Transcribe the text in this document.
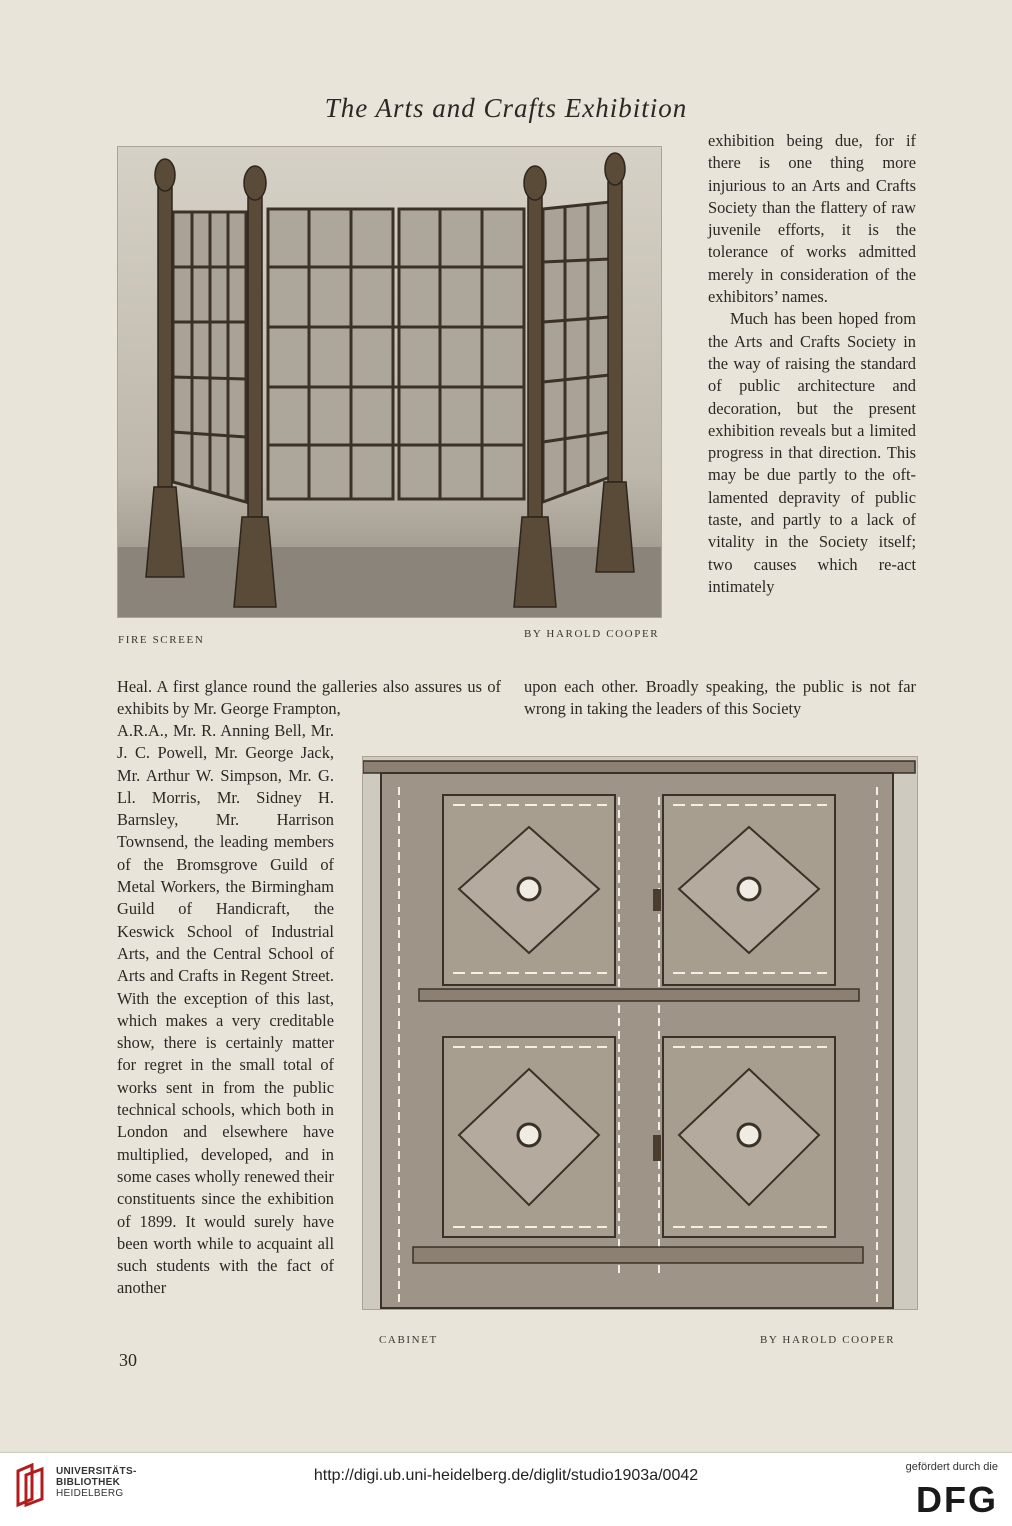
The Arts and Crafts Exhibition
FIRE SCREEN	BY HAROLD COOPER

exhibition being due, for if there is one thing more injurious to an Arts and Crafts Society than the flattery of raw juvenile efforts, it is the tolerance of works admitted merely in consideration of the exhibitors’ names.

Much has been hoped from the Arts and Crafts Society in the way of raising the standard of public architecture and decoration, but the present exhibition reveals but a limited progress in that direction. This may be due partly to the oft-lamented depravity of public taste, and partly to a lack of vitality in the Society itself; two causes which re-act intimately

Heal. A first glance round the galleries also assures us of exhibits by Mr. George Frampton,
upon each other. Broadly speaking, the public is not far wrong in taking the leaders of this Society
A.R.A., Mr. R. Anning Bell, Mr. J. C. Powell, Mr. George Jack, Mr. Arthur W. Simpson, Mr. G. Ll. Morris, Mr. Sidney H. Barnsley, Mr. Harrison Townsend, the leading members of the Bromsgrove Guild of Metal Workers, the Birmingham Guild of Handicraft, the Keswick School of Industrial Arts, and the Central School of Arts and Crafts in Regent Street. With the exception of this last, which makes a very creditable show, there is certainly matter for regret in the small total of works sent in from the public technical schools, which both in London and elsewhere have multiplied, developed, and in some cases wholly renewed their constituents since the exhibition of 1899. It would surely have been worth while to acquaint all such students with the fact of another
CABINET	BY HAROLD COOPER
30
UNIVERSITÄTS-
BIBLIOTHEK
HEIDELBERG
http://digi.ub.uni-heidelberg.de/diglit/studio1903a/0042	gefördert durch die
DFG
